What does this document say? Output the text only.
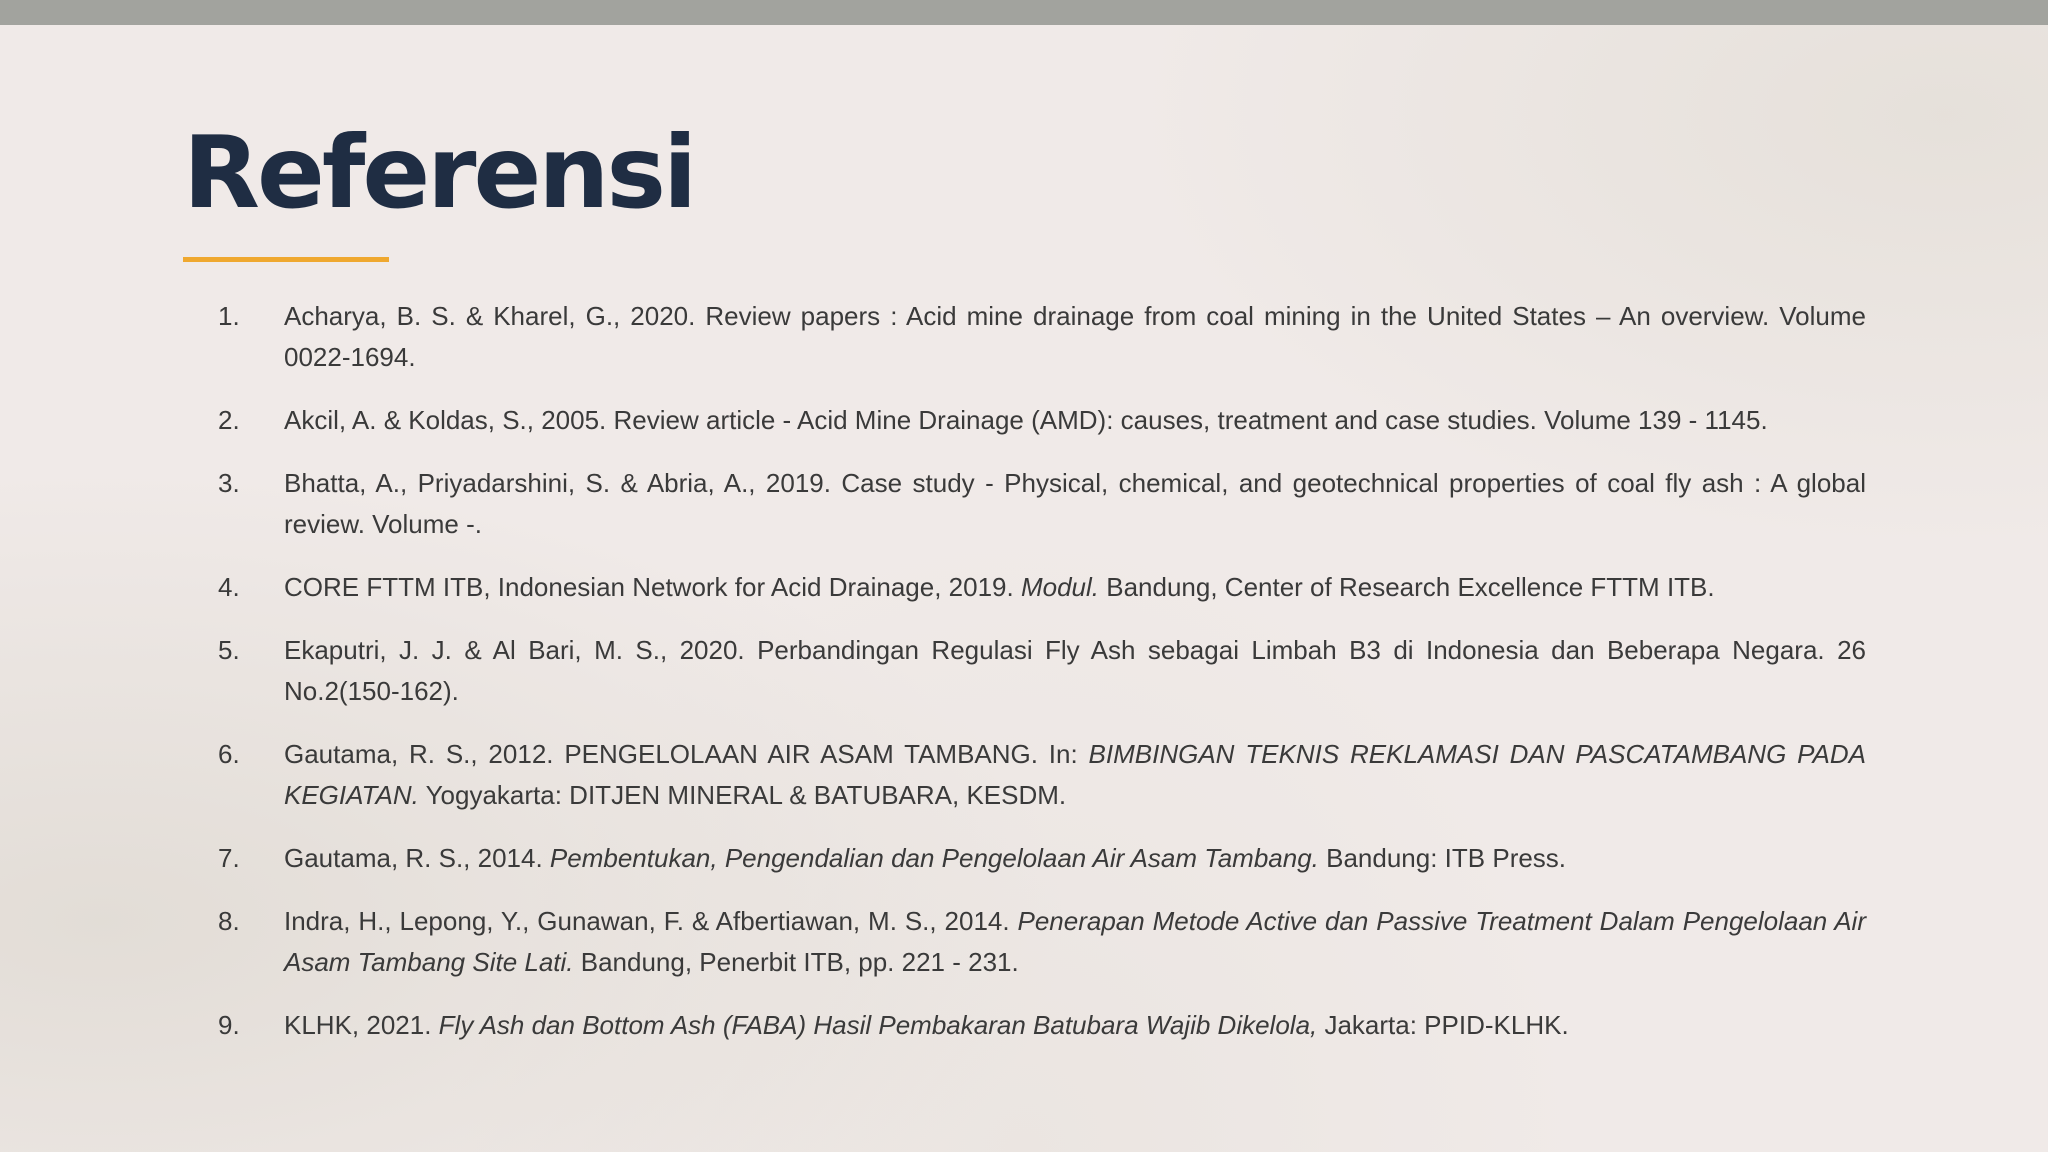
Referensi
1.	Acharya, B. S. & Kharel, G., 2020. Review papers : Acid mine drainage from coal mining in the United States – An overview. Volume 0022-1694.
2.	Akcil, A. & Koldas, S., 2005. Review article - Acid Mine Drainage (AMD): causes, treatment and case studies. Volume 139 - 1145.
3.	Bhatta, A., Priyadarshini, S. & Abria, A., 2019. Case study - Physical, chemical, and geotechnical properties of coal fly ash : A global review. Volume -.
4.	CORE FTTM ITB, Indonesian Network for Acid Drainage, 2019. Modul. Bandung, Center of Research Excellence FTTM ITB.
5.	Ekaputri, J. J. & Al Bari, M. S., 2020. Perbandingan Regulasi Fly Ash sebagai Limbah B3 di Indonesia dan Beberapa Negara. 26 No.2(150-162).
6.	Gautama, R. S., 2012. PENGELOLAAN AIR ASAM TAMBANG. In: BIMBINGAN TEKNIS REKLAMASI DAN PASCATAMBANG PADA KEGIATAN. Yogyakarta: DITJEN MINERAL & BATUBARA, KESDM.
7.	Gautama, R. S., 2014. Pembentukan, Pengendalian dan Pengelolaan Air Asam Tambang. Bandung: ITB Press.
8.	Indra, H., Lepong, Y., Gunawan, F. & Afbertiawan, M. S., 2014. Penerapan Metode Active dan Passive Treatment Dalam Pengelolaan Air Asam Tambang Site Lati. Bandung, Penerbit ITB, pp. 221 - 231.
9.	KLHK, 2021. Fly Ash dan Bottom Ash (FABA) Hasil Pembakaran Batubara Wajib Dikelola, Jakarta: PPID-KLHK.
